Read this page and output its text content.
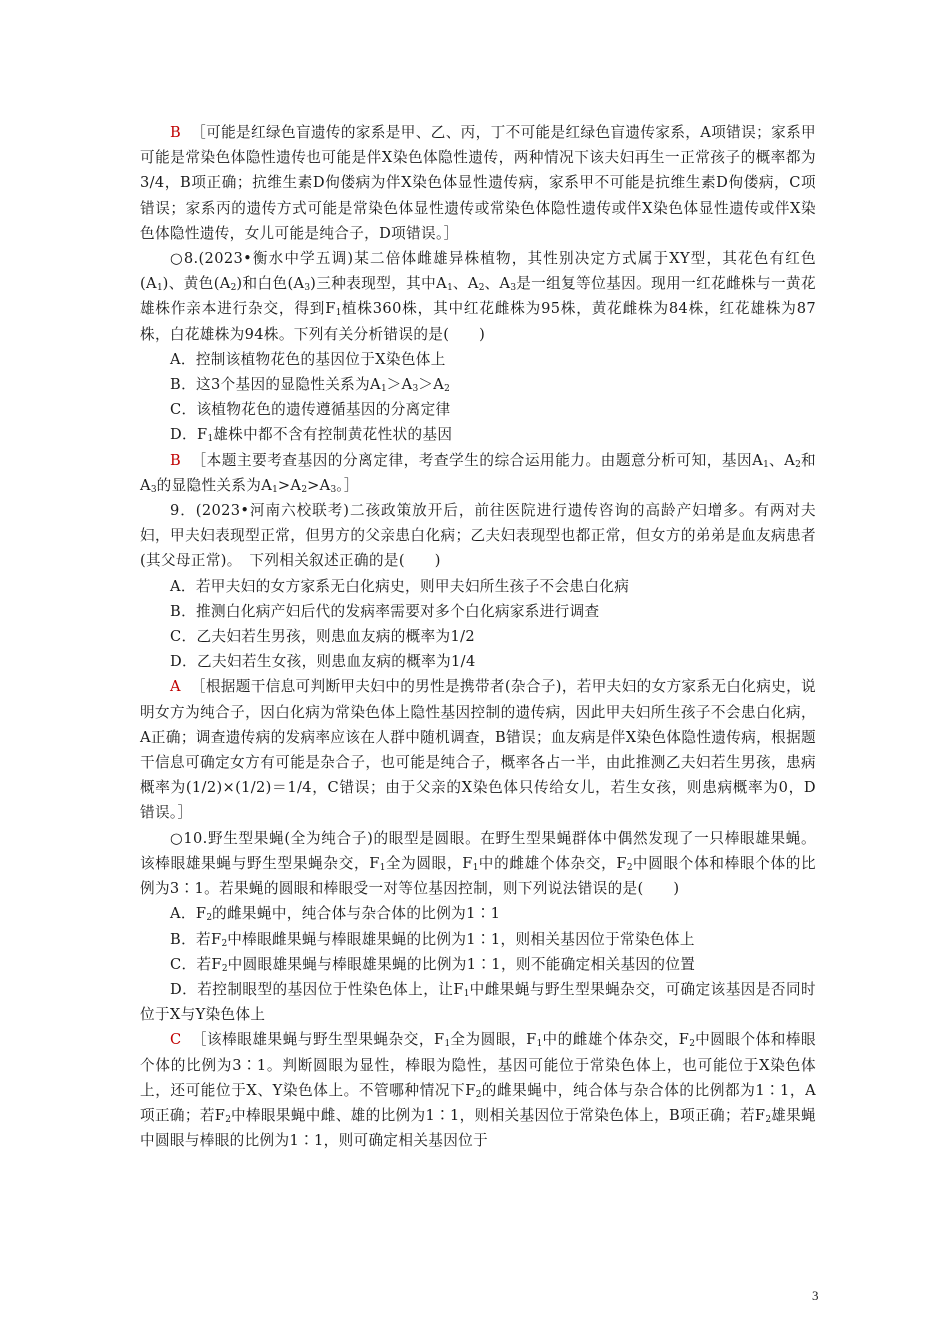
B ［可能是红绿色盲遗传的家系是甲、乙、丙，丁不可能是红绿色盲遗传家系，A项错误；家系甲可能是常染色体隐性遗传也可能是伴X染色体隐性遗传，两种情况下该夫妇再生一正常孩子的概率都为3/4，B项正确；抗维生素D佝偻病为伴X染色体显性遗传病，家系甲不可能是抗维生素D佝偻病，C项错误；家系丙的遗传方式可能是常染色体显性遗传或常染色体隐性遗传或伴X染色体显性遗传或伴X染色体隐性遗传，女儿可能是纯合子，D项错误。］

○8.(2023•衡水中学五调)某二倍体雌雄异株植物，其性别决定方式属于XY型，其花色有红色$(A_1)$、黄色$(A_2)$和白色$(A_3)$三种表现型，其中$A_1$、$A_2$、$A_3$是一组复等位基因。现用一红花雌株与一黄花雄株作亲本进行杂交，得到$F_1$植株360株，其中红花雌株为95株，黄花雌株为84株，红花雄株为87株，白花雄株为94株。下列有关分析错误的是(　　)

A．控制该植物花色的基因位于X染色体上

B．这3个基因的显隐性关系为$A_1>A_3>A_2$

C．该植物花色的遗传遵循基因的分离定律

D．$F_1$雄株中都不含有控制黄花性状的基因

B ［本题主要考查基因的分离定律，考查学生的综合运用能力。由题意分析可知，基因$A_1$、$A_2$和$A_3$的显隐性关系为$A_1>A_2>A_3$。］

9．(2023•河南六校联考)二孩政策放开后，前往医院进行遗传咨询的高龄产妇增多。有两对夫妇，甲夫妇表现型正常，但男方的父亲患白化病；乙夫妇表现型也都正常，但女方的弟弟是血友病患者(其父母正常)。　下列相关叙述正确的是(　　)

A．若甲夫妇的女方家系无白化病史，则甲夫妇所生孩子不会患白化病

B．推测白化病产妇后代的发病率需要对多个白化病家系进行调查

C．乙夫妇若生男孩，则患血友病的概率为1/2

D．乙夫妇若生女孩，则患血友病的概率为1/4

A ［根据题干信息可判断甲夫妇中的男性是携带者(杂合子)，若甲夫妇的女方家系无白化病史，说明女方为纯合子，因白化病为常染色体上隐性基因控制的遗传病，因此甲夫妇所生孩子不会患白化病，A正确；调查遗传病的发病率应该在人群中随机调查，B错误；血友病是伴X染色体隐性遗传病，根据题干信息可确定女方有可能是杂合子，也可能是纯合子，概率各占一半，由此推测乙夫妇若生男孩，患病概率为(1/2)×(1/2)＝1/4，C错误；由于父亲的X染色体只传给女儿，若生女孩，则患病概率为0，D错误。］

○10.野生型果蝇(全为纯合子)的眼型是圆眼。在野生型果蝇群体中偶然发现了一只棒眼雄果蝇。该棒眼雄果蝇与野生型果蝇杂交，$F_1$全为圆眼，$F_1$中的雌雄个体杂交，$F_2$中圆眼个体和棒眼个体的比例为3∶1。若果蝇的圆眼和棒眼受一对等位基因控制，则下列说法错误的是(　　)

A．$F_2$的雌果蝇中，纯合体与杂合体的比例为1∶1

B．若$F_2$中棒眼雌果蝇与棒眼雄果蝇的比例为1∶1，则相关基因位于常染色体上

C．若$F_2$中圆眼雄果蝇与棒眼雄果蝇的比例为1∶1，则不能确定相关基因的位置

D．若控制眼型的基因位于性染色体上，让$F_1$中雌果蝇与野生型果蝇杂交，可确定该基因是否同时位于X与Y染色体上

C ［该棒眼雄果蝇与野生型果蝇杂交，$F_1$全为圆眼，$F_1$中的雌雄个体杂交，$F_2$中圆眼个体和棒眼个体的比例为3∶1。判断圆眼为显性，棒眼为隐性，基因可能位于常染色体上，也可能位于X染色体上，还可能位于X、Y染色体上。不管哪种情况下$F_2$的雌果蝇中，纯合体与杂合体的比例都为1∶1，A项正确；若$F_2$中棒眼果蝇中雌、雄的比例为1∶1，则相关基因位于常染色体上，B项正确；若$F_2$雄果蝇中圆眼与棒眼的比例为1∶1，则可确定相关基因位于

3
